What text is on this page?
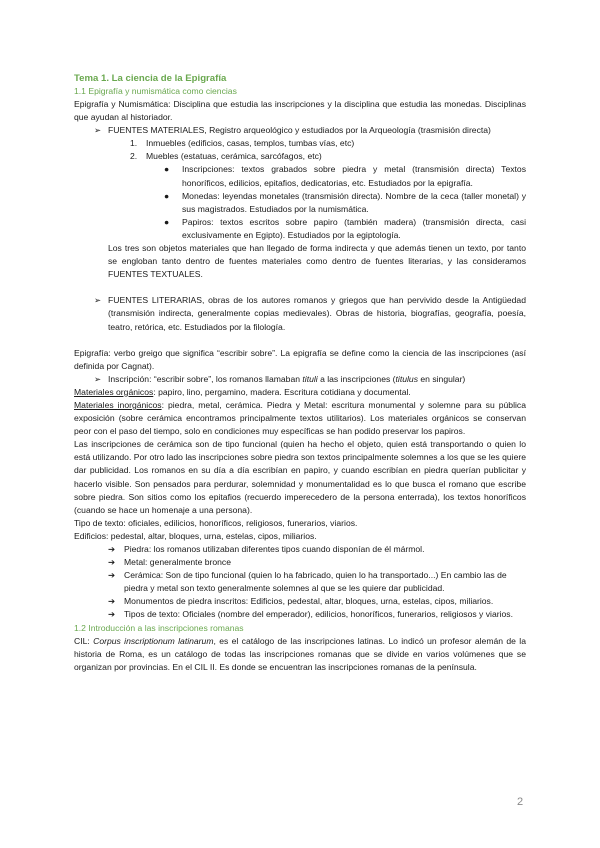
Tema 1. La ciencia de la Epigrafía

1.1 Epigrafía y numismática como ciencias

Epigrafía y Numismática: Disciplina que estudia las inscripciones y la disciplina que estudia las monedas. Disciplinas que ayudan al historiador.

➢ FUENTES MATERIALES, Registro arqueológico y estudiados por la Arqueología (trasmisión directa)
1.	Inmuebles (edificios, casas, templos, tumbas vías, etc)
2.	Muebles (estatuas, cerámica, sarcófagos, etc)
●	Inscripciones: textos grabados sobre piedra y metal (transmisión directa) Textos honoríficos, edilicios, epitafios, dedicatorias, etc. Estudiados por la epigrafía.
●	Monedas: leyendas monetales (transmisión directa). Nombre de la ceca (taller monetal) y sus magistrados. Estudiados por la numismática.
●	Papiros: textos escritos sobre papiro (también madera) (transmisión directa, casi exclusivamente en Egipto). Estudiados por la egiptología.

Los tres son objetos materiales que han llegado de forma indirecta y que además tienen un texto, por tanto se engloban tanto dentro de fuentes materiales como dentro de fuentes literarias, y las consideramos FUENTES TEXTUALES.

➢ FUENTES LITERARIAS, obras de los autores romanos y griegos que han pervivido desde la Antigüedad (transmisión indirecta, generalmente copias medievales). Obras de historia, biografías, geografía, poesía, teatro, retórica, etc. Estudiados por la filología.

Epigrafía: verbo greigo que significa “escribir sobre”. La epigrafía se define como la ciencia de las inscripciones (así definida por Cagnat).

➢ Inscripción: “escribir sobre”, los romanos llamaban tituli a las inscripciones (titulus en singular)

Materiales orgánicos: papiro, lino, pergamino, madera. Escritura cotidiana y documental.

Materiales inorgánicos: piedra, metal, cerámica. Piedra y Metal: escritura monumental y solemne para su pública exposición (sobre cerámica encontramos principalmente textos utilitarios). Los materiales orgánicos se conservan peor con el paso del tiempo, solo en condiciones muy específicas se han podido preservar los papiros.

Las inscripciones de cerámica son de tipo funcional (quien ha hecho el objeto, quien está transportando o quien lo está utilizando. Por otro lado las inscripciones sobre piedra son textos principalmente solemnes a los que se les quiere dar publicidad. Los romanos en su día a día escribían en papiro, y cuando escribían en piedra querían publicitar y hacerlo visible. Son pensados para perdurar, solemnidad y monumentalidad es lo que busca el romano que escribe sobre piedra. Son sitios como los epitafios (recuerdo imperecedero de la persona enterrada), los textos honoríficos (cuando se hace un homenaje a una persona).

Tipo de texto: oficiales, edilicios, honoríficos, religiosos, funerarios, viarios.

Edificios: pedestal, altar, bloques, urna, estelas, cipos, miliarios.

➔	Piedra: los romanos utilizaban diferentes tipos cuando disponían de él mármol.
➔	Metal: generalmente bronce
➔	Cerámica: Son de tipo funcional (quien lo ha fabricado, quien lo ha transportado...) En cambio las de piedra y metal son texto generalmente solemnes al que se les quiere dar publicidad.
➔	Monumentos de piedra inscritos: Edificios, pedestal, altar, bloques, urna, estelas, cipos, miliarios.
➔	Tipos de texto: Oficiales (nombre del emperador), edilicios, honoríficos, funerarios, religiosos y viarios.

1.2 Introducción a las inscripciones romanas

CIL: Corpus inscriptionum latinarum, es el catálogo de las inscripciones latinas. Lo indicó un profesor alemán de la historia de Roma, es un catálogo de todas las inscripciones romanas que se divide en varios volúmenes que se organizan por provincias. En el CIL II. Es donde se encuentran las inscripciones romanas de la península.

2
